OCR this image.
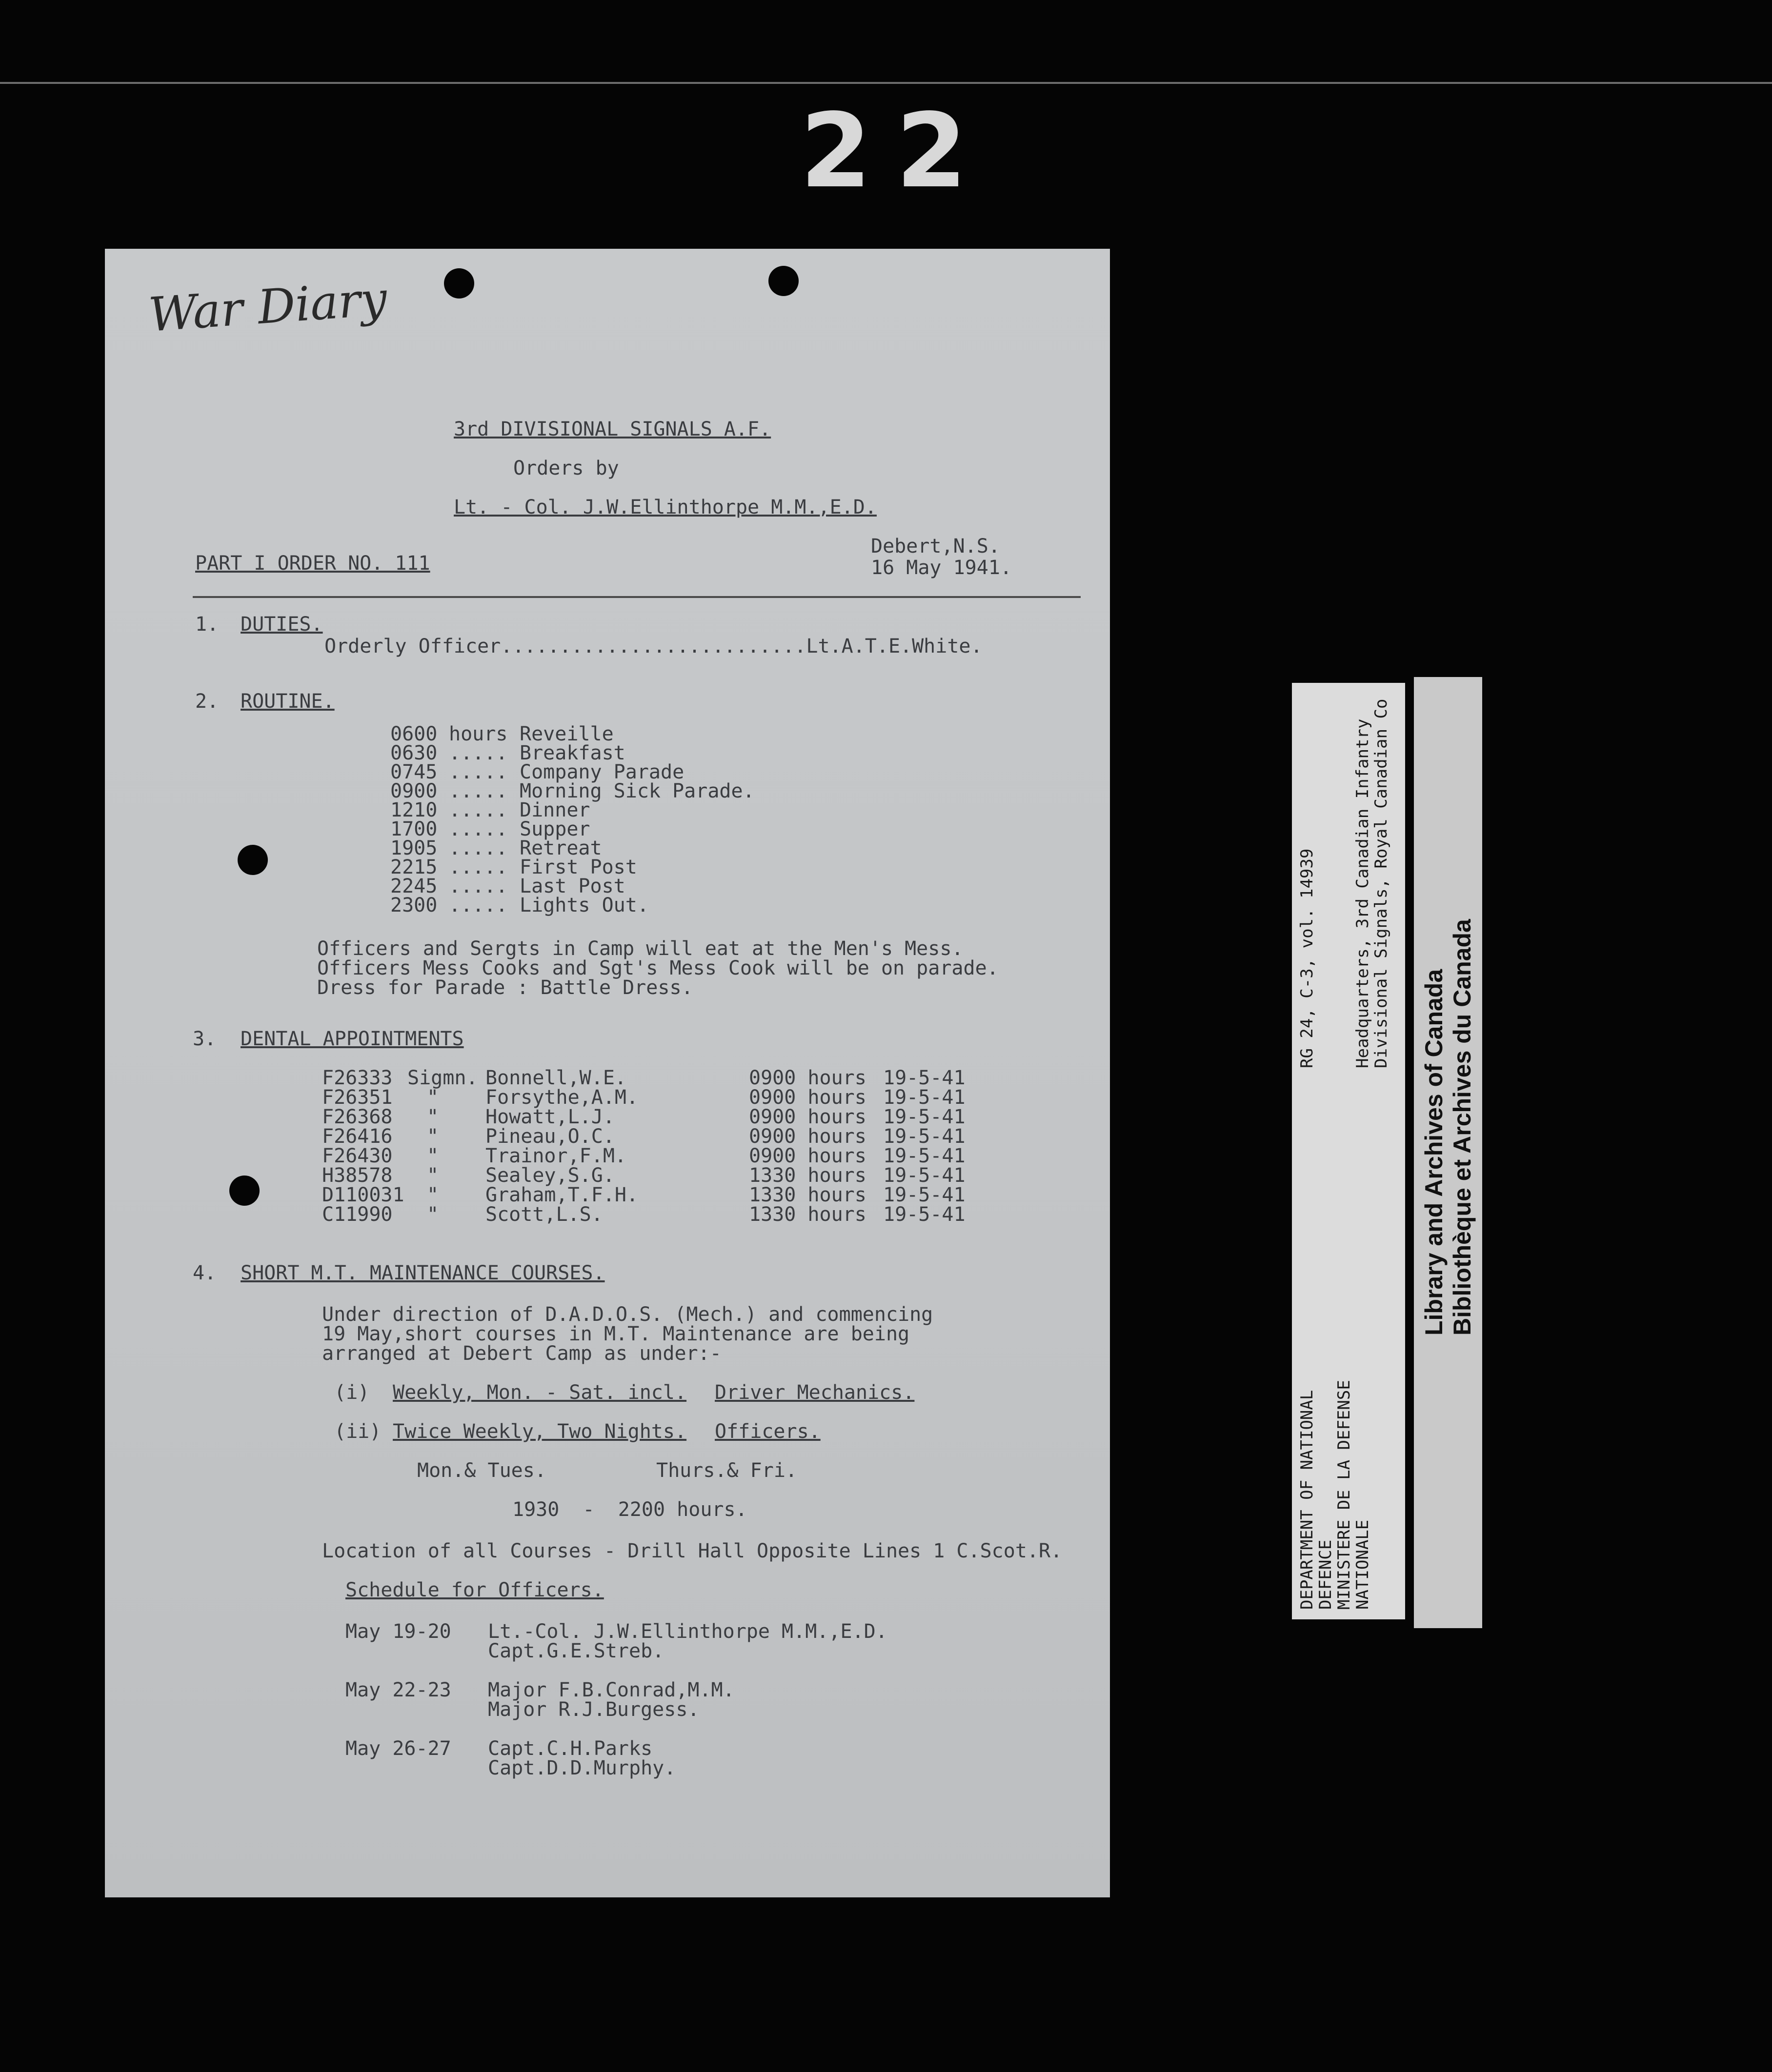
22
War Diary
3rd DIVISIONAL SIGNALS A.F.
Orders by
Lt. - Col. J.W.Ellinthorpe M.M.,E.D.
PART I ORDER NO. 111
Debert,N.S.
16 May 1941.
1. DUTIES.
Orderly Officer..........................Lt.A.T.E.White.
2. ROUTINE.
0600 hours Reveille
0630 ..... Breakfast
0745 ..... Company Parade
0900 ..... Morning Sick Parade.
1210 ..... Dinner
1700 ..... Supper
1905 ..... Retreat
2215 ..... First Post
2245 ..... Last Post
2300 ..... Lights Out.
Officers and Sergts in Camp will eat at the Men's Mess.
Officers Mess Cooks and Sgt's Mess Cook will be on parade.
Dress for Parade : Battle Dress.
3. DENTAL APPOINTMENTS
F26333 Sigmn. Bonnell,W.E.	0900 hours 19-5-41
F26351 " Forsythe,A.M.	0900 hours 19-5-41
F26368 " Howatt,L.J.	0900 hours 19-5-41
F26416 " Pineau,O.C.	0900 hours 19-5-41
F26430 " Trainor,F.M.	0900 hours 19-5-41
H38578 " Sealey,S.G.	1330 hours 19-5-41
D110031 " Graham,T.F.H.	1330 hours 19-5-41
C11990 " Scott,L.S.	1330 hours 19-5-41
4. SHORT M.T. MAINTENANCE COURSES.
Under direction of D.A.D.O.S. (Mech.) and commencing
19 May,short courses in M.T. Maintenance are being
arranged at Debert Camp as under:-
(i) Weekly, Mon. - Sat. incl. Driver Mechanics.
(ii) Twice Weekly, Two Nights. Officers.
Mon.& Tues.	Thurs.& Fri.
1930  -  2200 hours.
Location of all Courses - Drill Hall Opposite Lines 1 C.Scot.R.
Schedule for Officers.
May 19-20 Lt.-Col. J.W.Ellinthorpe M.M.,E.D.
Capt.G.E.Streb.
May 22-23 Major F.B.Conrad,M.M.
Major R.J.Burgess.
May 26-27 Capt.C.H.Parks
Capt.D.D.Murphy.
DEPARTMENT OF NATIONAL
DEFENCE
MINISTERE DE LA DEFENSE
NATIONALE
RG 24, C-3, vol. 14939 Headquarters, 3rd Canadian Infantry
Divisional Signals, Royal Canadian Co
Library and Archives of Canada Bibliothèque et Archives du Canada
